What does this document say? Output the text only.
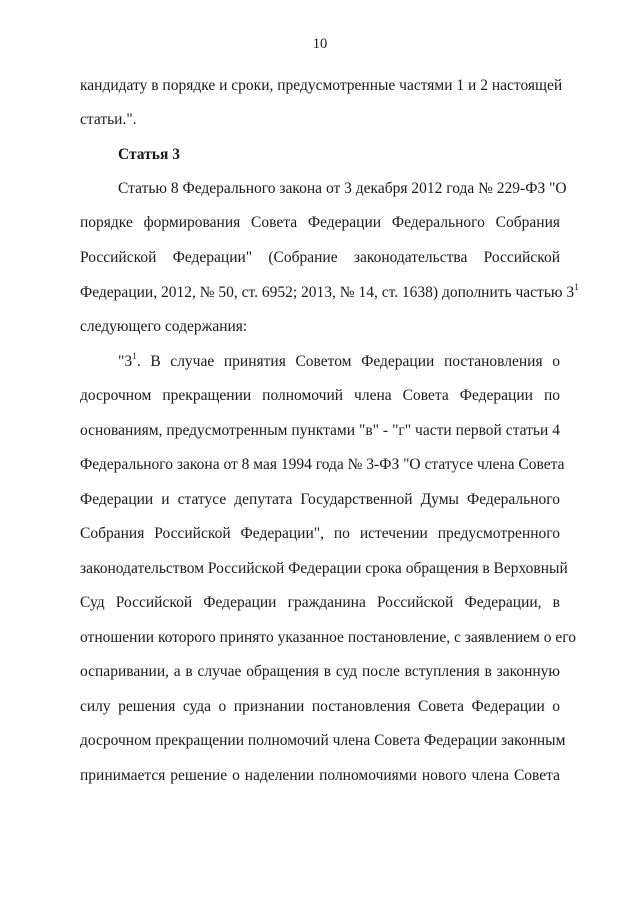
10
кандидату в порядке и сроки, предусмотренные частями 1 и 2 настоящей
статьи.".
Статья 3
Статью 8 Федерального закона от 3 декабря 2012 года № 229-ФЗ "О
порядке формирования Совета Федерации Федерального Собрания
Российской Федерации" (Собрание законодательства Российской
Федерации, 2012, № 50, ст. 6952; 2013, № 14, ст. 1638) дополнить частью $3^1$
следующего содержания:
"$3^1$. В случае принятия Советом Федерации постановления о
досрочном прекращении полномочий члена Совета Федерации по
основаниям, предусмотренным пунктами "в" - "г" части первой статьи 4
Федерального закона от 8 мая 1994 года № 3-ФЗ "О статусе члена Совета
Федерации и статусе депутата Государственной Думы Федерального
Собрания Российской Федерации", по истечении предусмотренного
законодательством Российской Федерации срока обращения в Верховный
Суд Российской Федерации гражданина Российской Федерации, в
отношении которого принято указанное постановление, с заявлением о его
оспаривании, а в случае обращения в суд после вступления в законную
силу решения суда о признании постановления Совета Федерации о
досрочном прекращении полномочий члена Совета Федерации законным
принимается решение о наделении полномочиями нового члена Совета
